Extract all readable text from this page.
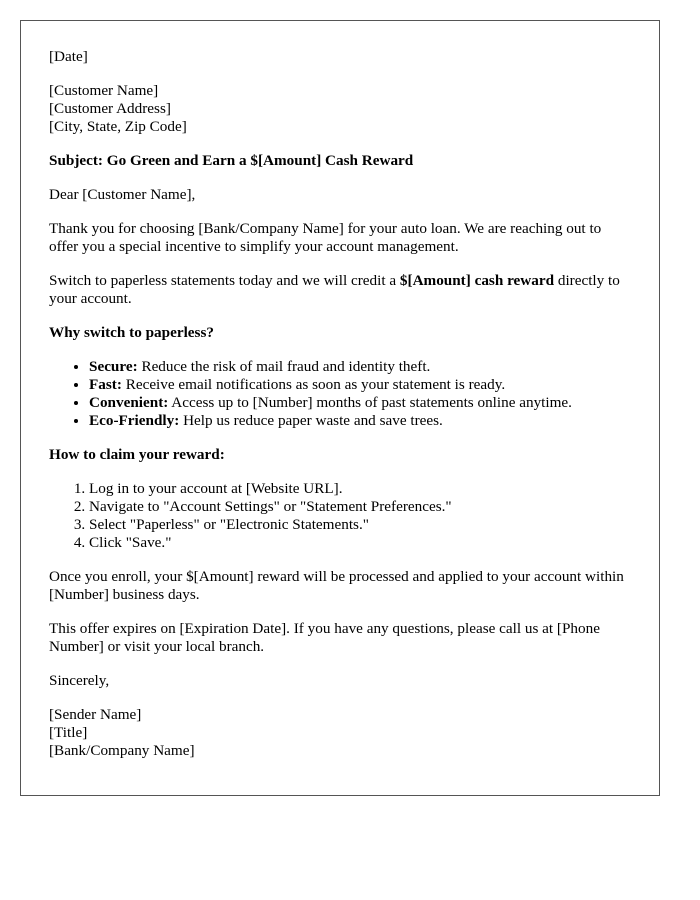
[Date]

[Customer Name]
[Customer Address]
[City, State, Zip Code]

Subject: Go Green and Earn a $[Amount] Cash Reward

Dear [Customer Name],

Thank you for choosing [Bank/Company Name] for your auto loan. We are reaching out to offer you a special incentive to simplify your account management.

Switch to paperless statements today and we will credit a $[Amount] cash reward directly to your account.

Why switch to paperless?

• Secure: Reduce the risk of mail fraud and identity theft.
• Fast: Receive email notifications as soon as your statement is ready.
• Convenient: Access up to [Number] months of past statements online anytime.
• Eco-Friendly: Help us reduce paper waste and save trees.

How to claim your reward:

1. Log in to your account at [Website URL].
2. Navigate to "Account Settings" or "Statement Preferences."
3. Select "Paperless" or "Electronic Statements."
4. Click "Save."

Once you enroll, your $[Amount] reward will be processed and applied to your account within [Number] business days.

This offer expires on [Expiration Date]. If you have any questions, please call us at [Phone Number] or visit your local branch.

Sincerely,

[Sender Name]
[Title]
[Bank/Company Name]
